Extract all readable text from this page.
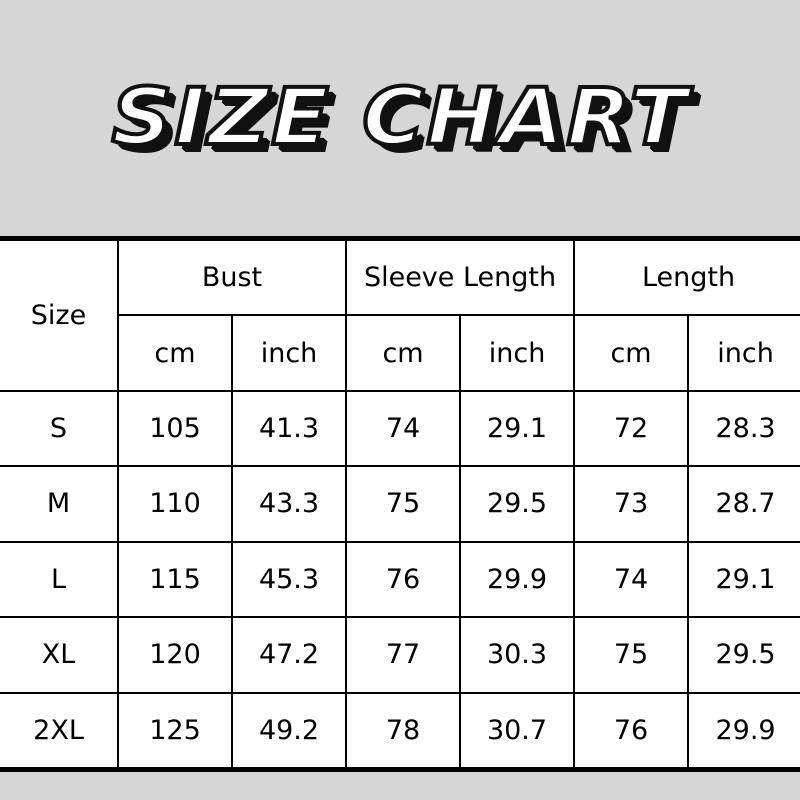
SIZE CHART
Size	Bust		Sleeve Length		Length	
	cm	inch	cm	inch	cm	inch
S	105	41.3	74	29.1	72	28.3
M	110	43.3	75	29.5	73	28.7
L	115	45.3	76	29.9	74	29.1
XL	120	47.2	77	30.3	75	29.5
2XL	125	49.2	78	30.7	76	29.9
